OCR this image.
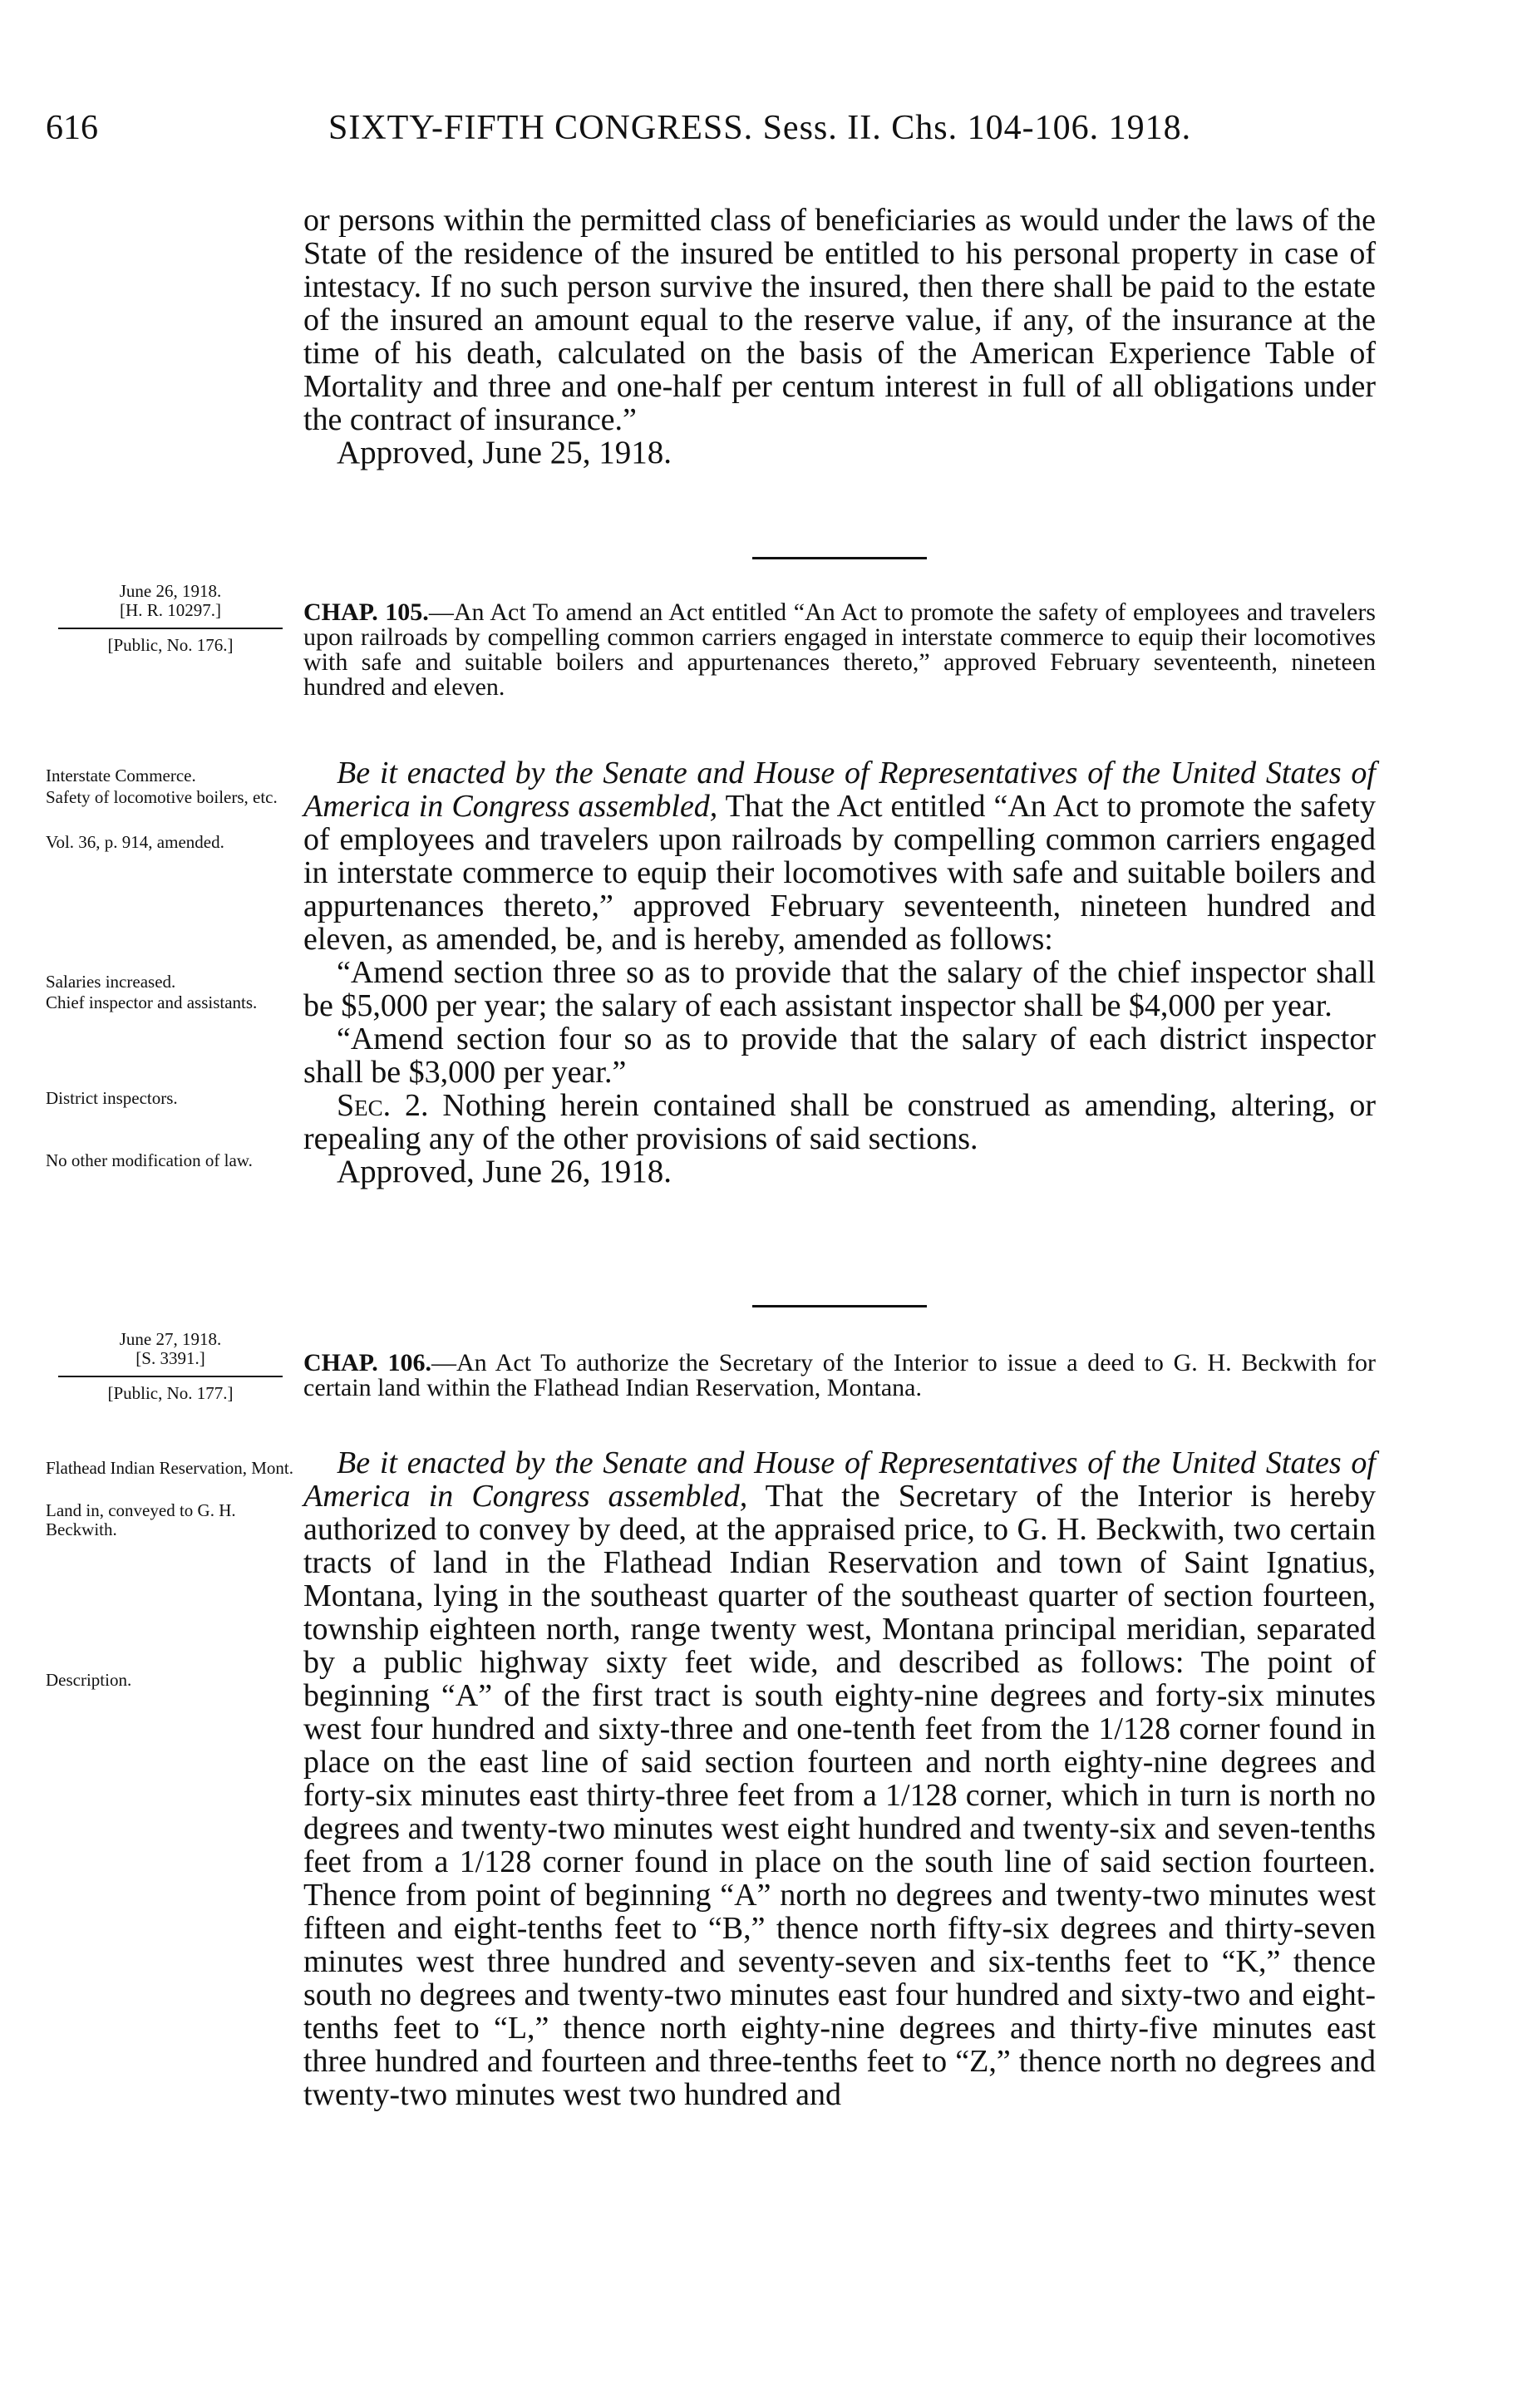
616	SIXTY-FIFTH CONGRESS. Sess. II. Chs. 104-106. 1918.

or persons within the permitted class of beneficiaries as would under the laws of the State of the residence of the insured be entitled to his personal property in case of intestacy. If no such person survive the insured, then there shall be paid to the estate of the insured an amount equal to the reserve value, if any, of the insurance at the time of his death, calculated on the basis of the American Experience Table of Mortality and three and one-half per centum interest in full of all obligations under the contract of insurance.”

Approved, June 25, 1918.

June 26, 1918.
[H. R. 10297.]
[Public, No. 176.]
CHAP. 105.—An Act To amend an Act entitled “An Act to promote the safety of employees and travelers upon railroads by compelling common carriers engaged in interstate commerce to equip their locomotives with safe and suitable boilers and appurtenances thereto,” approved February seventeenth, nineteen hundred and eleven.
Interstate Commerce.
Safety of locomotive boilers, etc.
Vol. 36, p. 914, amended.
Salaries increased.
Chief inspector and assistants.
District inspectors.
No other modification of law.

Be it enacted by the Senate and House of Representatives of the United States of America in Congress assembled, That the Act entitled “An Act to promote the safety of employees and travelers upon railroads by compelling common carriers engaged in interstate commerce to equip their locomotives with safe and suitable boilers and appurtenances thereto,” approved February seventeenth, nineteen hundred and eleven, as amended, be, and is hereby, amended as follows:

“Amend section three so as to provide that the salary of the chief inspector shall be $5,000 per year; the salary of each assistant inspector shall be $4,000 per year.

“Amend section four so as to provide that the salary of each district inspector shall be $3,000 per year.”

Sec. 2. Nothing herein contained shall be construed as amending, altering, or repealing any of the other provisions of said sections.

Approved, June 26, 1918.

June 27, 1918.
[S. 3391.]
[Public, No. 177.]
CHAP. 106.—An Act To authorize the Secretary of the Interior to issue a deed to G. H. Beckwith for certain land within the Flathead Indian Reservation, Montana.
Flathead Indian Reservation, Mont.
Land in, conveyed to G. H. Beckwith.
Description.

Be it enacted by the Senate and House of Representatives of the United States of America in Congress assembled, That the Secretary of the Interior is hereby authorized to convey by deed, at the appraised price, to G. H. Beckwith, two certain tracts of land in the Flathead Indian Reservation and town of Saint Ignatius, Montana, lying in the southeast quarter of the southeast quarter of section fourteen, township eighteen north, range twenty west, Montana principal meridian, separated by a public highway sixty feet wide, and described as follows: The point of beginning “A” of the first tract is south eighty-nine degrees and forty-six minutes west four hundred and sixty-three and one-tenth feet from the 1/128 corner found in place on the east line of said section fourteen and north eighty-nine degrees and forty-six minutes east thirty-three feet from a 1/128 corner, which in turn is north no degrees and twenty-two minutes west eight hundred and twenty-six and seven-tenths feet from a 1/128 corner found in place on the south line of said section fourteen. Thence from point of beginning “A” north no degrees and twenty-two minutes west fifteen and eight-tenths feet to “B,” thence north fifty-six degrees and thirty-seven minutes west three hundred and seventy-seven and six-tenths feet to “K,” thence south no degrees and twenty-two minutes east four hundred and sixty-two and eight-tenths feet to “L,” thence north eighty-nine degrees and thirty-five minutes east three hundred and fourteen and three-tenths feet to “Z,” thence north no degrees and twenty-two minutes west two hundred and
